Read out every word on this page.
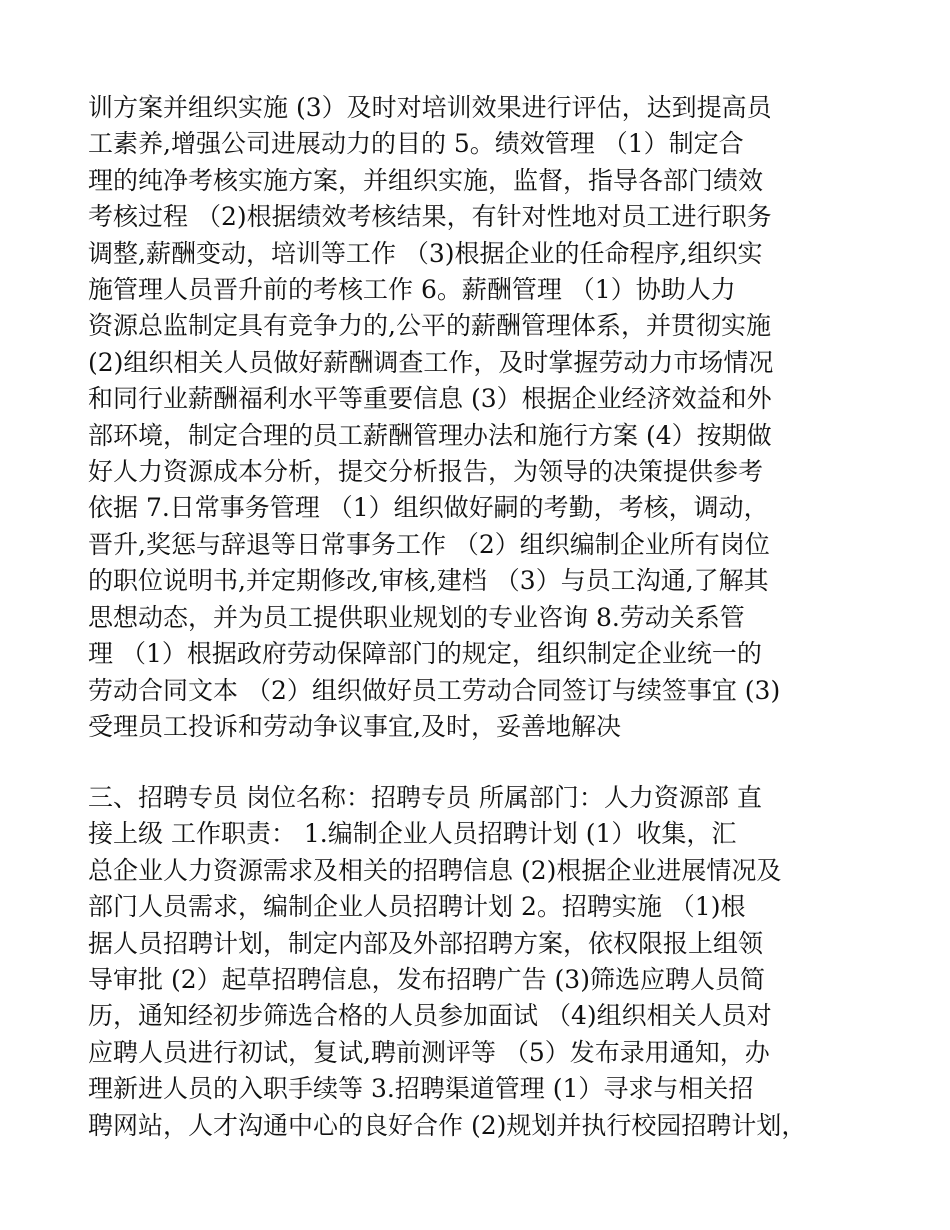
训方案并组织实施 (3）及时对培训效果进行评估，达到提高员
工素养,增强公司进展动力的目的 5。绩效管理 （1）制定合
理的纯净考核实施方案，并组织实施，监督，指导各部门绩效
考核过程 （2)根据绩效考核结果，有针对性地对员工进行职务
调整,薪酬变动，培训等工作 （3)根据企业的任命程序,组织实
施管理人员晋升前的考核工作 6。薪酬管理 （1）协助人力
资源总监制定具有竞争力的,公平的薪酬管理体系，并贯彻实施
(2)组织相关人员做好薪酬调查工作，及时掌握劳动力市场情况
和同行业薪酬福利水平等重要信息 (3）根据企业经济效益和外
部环境，制定合理的员工薪酬管理办法和施行方案 (4）按期做
好人力资源成本分析，提交分析报告，为领导的决策提供参考
依据 7.日常事务管理 （1）组织做好嗣的考勤，考核，调动，
晋升,奖惩与辞退等日常事务工作 （2）组织编制企业所有岗位
的职位说明书,并定期修改,审核,建档 （3）与员工沟通,了解其
思想动态，并为员工提供职业规划的专业咨询 8.劳动关系管
理 （1）根据政府劳动保障部门的规定，组织制定企业统一的
劳动合同文本 （2）组织做好员工劳动合同签订与续签事宜 (3)
受理员工投诉和劳动争议事宜,及时，妥善地解决

三、招聘专员 岗位名称：招聘专员 所属部门：人力资源部 直
接上级 工作职责： 1.编制企业人员招聘计划 (1）收集，汇
总企业人力资源需求及相关的招聘信息 (2)根据企业进展情况及
部门人员需求，编制企业人员招聘计划 2。招聘实施 （1)根
据人员招聘计划，制定内部及外部招聘方案，依权限报上组领
导审批 (2）起草招聘信息，发布招聘广告 (3)筛选应聘人员简
历，通知经初步筛选合格的人员参加面试 （4)组织相关人员对
应聘人员进行初试，复试,聘前测评等 （5）发布录用通知，办
理新进人员的入职手续等 3.招聘渠道管理 (1）寻求与相关招
聘网站，人才沟通中心的良好合作 (2)规划并执行校园招聘计划，
